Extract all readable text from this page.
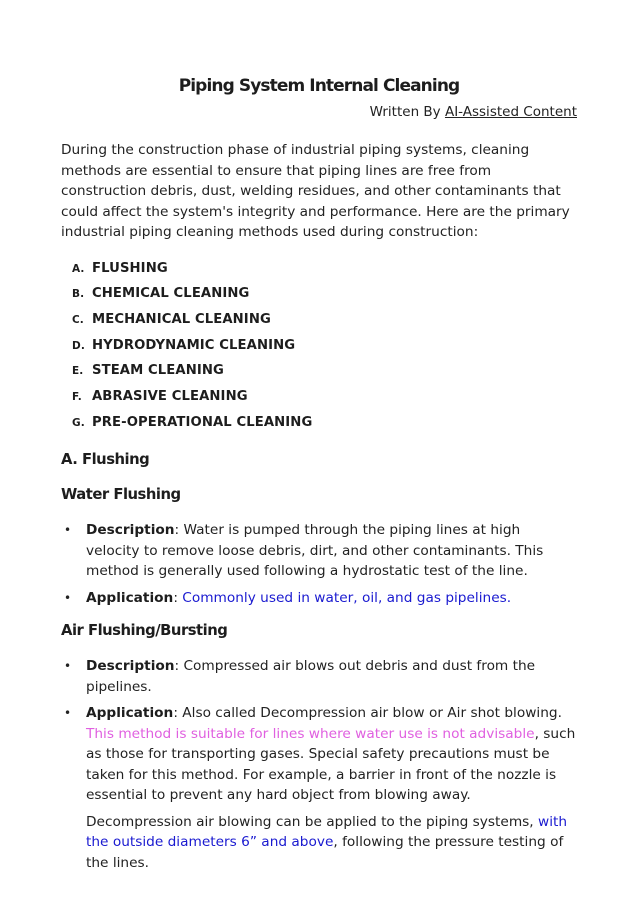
Piping System Internal Cleaning
Written By AI-Assisted Content

During the construction phase of industrial piping systems, cleaning methods are essential to ensure that piping lines are free from construction debris, dust, welding residues, and other contaminants that could affect the system's integrity and performance. Here are the primary industrial piping cleaning methods used during construction:

A. FLUSHING
B. CHEMICAL CLEANING
C. MECHANICAL CLEANING
D. HYDRODYNAMIC CLEANING
E. STEAM CLEANING
F. ABRASIVE CLEANING
G. PRE-OPERATIONAL CLEANING
A. Flushing
Water Flushing
• Description: Water is pumped through the piping lines at high velocity to remove loose debris, dirt, and other contaminants. This method is generally used following a hydrostatic test of the line.
• Application: Commonly used in water, oil, and gas pipelines.
Air Flushing/Bursting
• Description: Compressed air blows out debris and dust from the pipelines.
• Application: Also called Decompression air blow or Air shot blowing. This method is suitable for lines where water use is not advisable, such as those for transporting gases. Special safety precautions must be taken for this method. For example, a barrier in front of the nozzle is essential to prevent any hard object from blowing away.

Decompression air blowing can be applied to the piping systems, with the outside diameters 6” and above, following the pressure testing of the lines.
